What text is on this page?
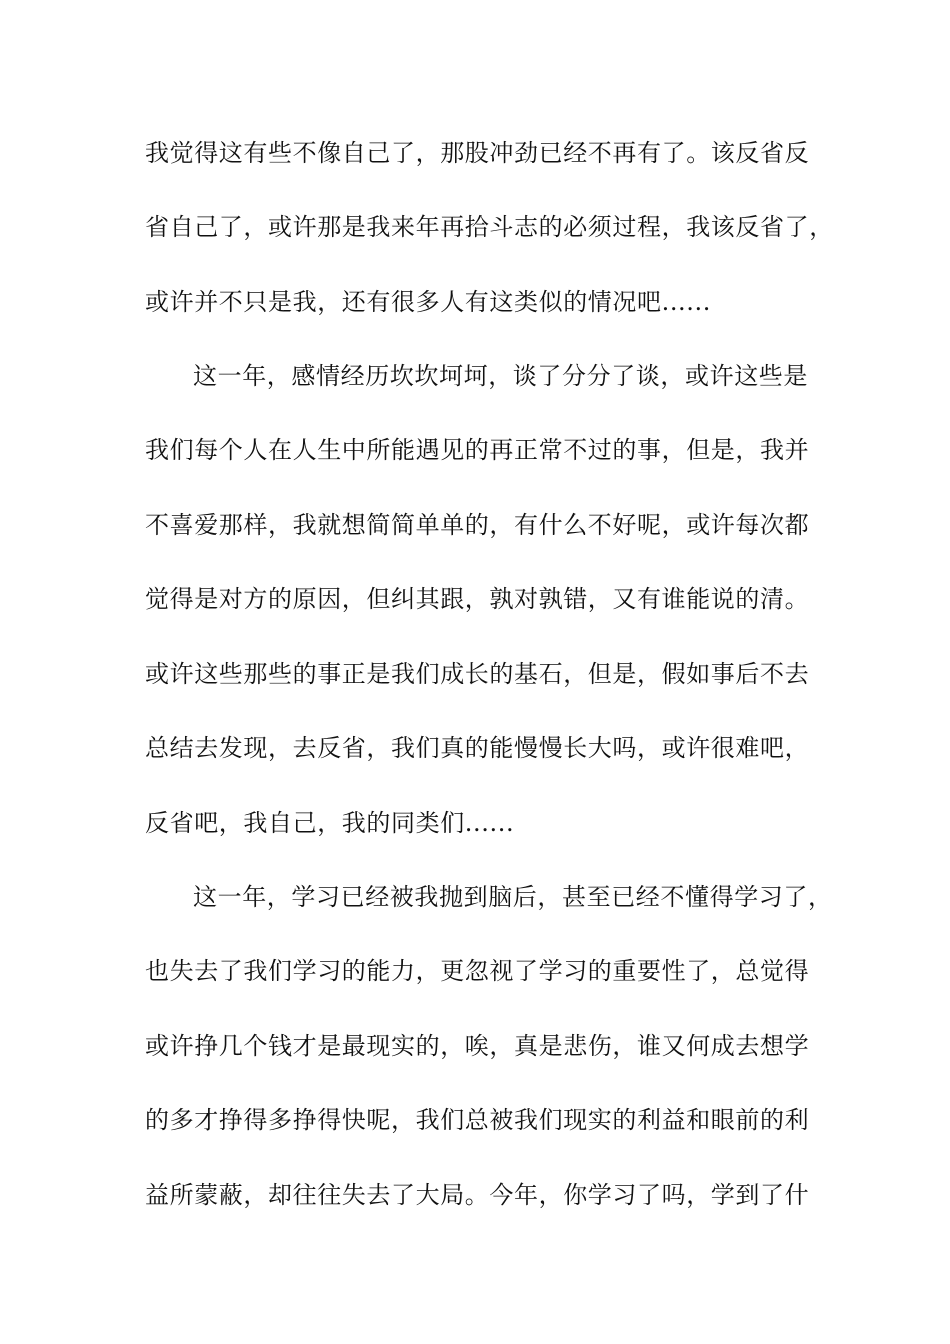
我觉得这有些不像自己了，那股冲劲已经不再有了。该反省反
省自己了，或许那是我来年再拾斗志的必须过程，我该反省了，
或许并不只是我，还有很多人有这类似的情况吧......
这一年，感情经历坎坎坷坷，谈了分分了谈，或许这些是
我们每个人在人生中所能遇见的再正常不过的事，但是，我并
不喜爱那样，我就想简简单单的，有什么不好呢，或许每次都
觉得是对方的原因，但纠其跟，孰对孰错，又有谁能说的清。
或许这些那些的事正是我们成长的基石，但是，假如事后不去
总结去发现，去反省，我们真的能慢慢长大吗，或许很难吧，
反省吧，我自己，我的同类们......
这一年，学习已经被我抛到脑后，甚至已经不懂得学习了，
也失去了我们学习的能力，更忽视了学习的重要性了，总觉得
或许挣几个钱才是最现实的，唉，真是悲伤，谁又何成去想学
的多才挣得多挣得快呢，我们总被我们现实的利益和眼前的利
益所蒙蔽，却往往失去了大局。今年，你学习了吗，学到了什
